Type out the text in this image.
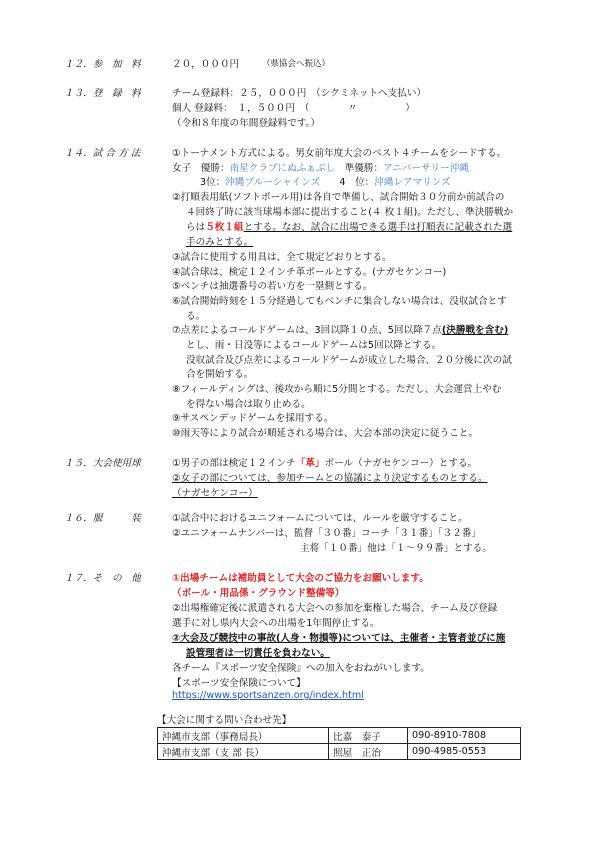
１２．参　加　料	２０，０００円	（県協会へ振込）
１３．登　録　料	チーム登録料：２５，０００円　（シクミネットへ支払い）
個人 登録料：　１，５００円　（　　　　〃　　　　　）
（令和８年度の年間登録料です。）
１４．試 合 方 法	①トーナメント方式による。男女前年度大会のベスト４チームをシードする。
女子　優勝：南星クラブにぬふぁぶし　準優勝：アニバーサリー沖縄
3位：沖縄ブルーシャインズ　　4　位：沖縄レアマリンズ
②打順表用紙(ソフトボール用)は各自で準備し、試合開始３０分前か前試合の
４回終了時に該当球場本部に提出すること(４ 枚１組)。ただし、準決勝戦か
らは５枚１組とする。なお、試合に出場できる選手は打順表に記載された選
手のみとする。
③試合に使用する用具は、全て規定どおりとする。
④試合球は、検定１２インチ革ボールとする。(ナガセケンコー)
⑤ベンチは抽選番号の若い方を一塁側とする。
⑥試合開始時刻を１５分経過してもベンチに集合しない場合は、没収試合とす
る。
⑦点差によるコールドゲームは、3回以降１０点、5回以降７点(決勝戦を含む)
とし、雨・日没等によるコールドゲームは5回以降とする。
没収試合及び点差によるコールドゲームが成立した場合、２０分後に次の試
合を開始する。
⑧フィールディングは、後攻から順に5分間とする。ただし、大会運営上やむ
を得ない場合は取り止める。
⑨サスペンデッドゲームを採用する。
⑩雨天等により試合が順延される場合は、大会本部の決定に従うこと。
１５．大会使用球	①男子の部は検定１２インチ「革」ボール（ナガセケンコー）とする。
②女子の部については、参加チームとの協議により決定するものとする。
（ナガセケンコー）
１６．服　　　装	①試合中におけるユニフォームについては、ルールを厳守すること。
②ユニフォームナンバーは、監督「３０番」コーチ「３１番」「３２番」
主将「１０番」他は「１～９９番」とする。
１７．そ　の　他	①出場チームは補助員として大会のご協力をお願いします。
（ボール・用品係・グラウンド整備等）
②出場権確定後に派遣される大会への参加を棄権した場合、チーム及び登録
選手に対し県内大会への出場を1年間停止する。
②大会及び競技中の事故(人身・物損等)については、主催者・主管者並びに施
設管理者は一切責任を負わない。
各チーム『スポーツ安全保険』への加入をおねがいします。
【スポーツ安全保険について】
https://www.sportsanzen.org/index.html
【大会に関する問い合わせ先】
沖縄市支部（事務局長）	比嘉　泰子	090-8910-7808
沖縄市支部（支 部 長）	照屋　正治	090-4985-0553
